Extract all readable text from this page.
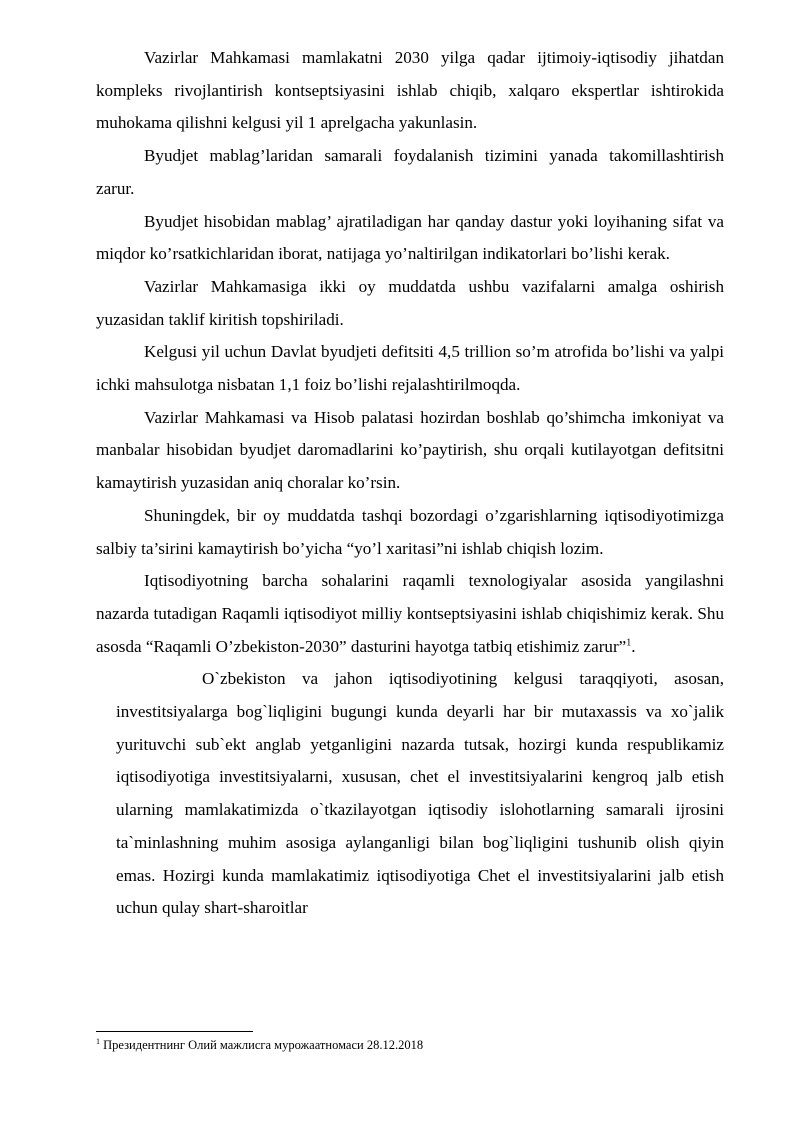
Vazirlar Mahkamasi mamlakatni 2030 yilga qadar ijtimoiy-iqtisodiy jihatdan kompleks rivojlantirish kontseptsiyasini ishlab chiqib, xalqaro ekspertlar ishtirokida muhokama qilishni kelgusi yil 1 aprelgacha yakunlasin.

Byudjet mablag’laridan samarali foydalanish tizimini yanada takomillashtirish zarur.

Byudjet hisobidan mablag’ ajratiladigan har qanday dastur yoki loyihaning sifat va miqdor ko’rsatkichlaridan iborat, natijaga yo’naltirilgan indikatorlari bo’lishi kerak.

Vazirlar Mahkamasiga ikki oy muddatda ushbu vazifalarni amalga oshirish yuzasidan taklif kiritish topshiriladi.

Kelgusi yil uchun Davlat byudjeti defitsiti 4,5 trillion so’m atrofida bo’lishi va yalpi ichki mahsulotga nisbatan 1,1 foiz bo’lishi rejalashtirilmoqda.

Vazirlar Mahkamasi va Hisob palatasi hozirdan boshlab qo’shimcha imkoniyat va manbalar hisobidan byudjet daromadlarini ko’paytirish, shu orqali kutilayotgan defitsitni kamaytirish yuzasidan aniq choralar ko’rsin.

Shuningdek, bir oy muddatda tashqi bozordagi o’zgarishlarning iqtisodiyotimizga salbiy ta’sirini kamaytirish bo’yicha “yo’l xaritasi”ni ishlab chiqish lozim.

Iqtisodiyotning barcha sohalarini raqamli texnologiyalar asosida yangilashni nazarda tutadigan Raqamli iqtisodiyot milliy kontseptsiyasini ishlab chiqishimiz kerak. Shu asosda “Raqamli O’zbekiston-2030” dasturini hayotga tatbiq etishimiz zarur”$^1$.

O`zbekiston va jahon iqtisodiyotining kelgusi taraqqiyoti, asosan, investitsiyalarga bog`liqligini bugungi kunda deyarli har bir mutaxassis va xo`jalik yurituvchi sub`ekt anglab yetganligini nazarda tutsak, hozirgi kunda respublikamiz iqtisodiyotiga investitsiyalarni, xususan, chet el investitsiyalarini kengroq jalb etish ularning mamlakatimizda o`tkazilayotgan iqtisodiy islohotlarning samarali ijrosini ta`minlashning muhim asosiga aylanganligi bilan bog`liqligini tushunib olish qiyin emas. Hozirgi kunda mamlakatimiz iqtisodiyotiga Chet el investitsiyalarini jalb etish uchun qulay shart-sharoitlar

$^1$ Президентнинг Олий мажлисга мурожаатномаси 28.12.2018
